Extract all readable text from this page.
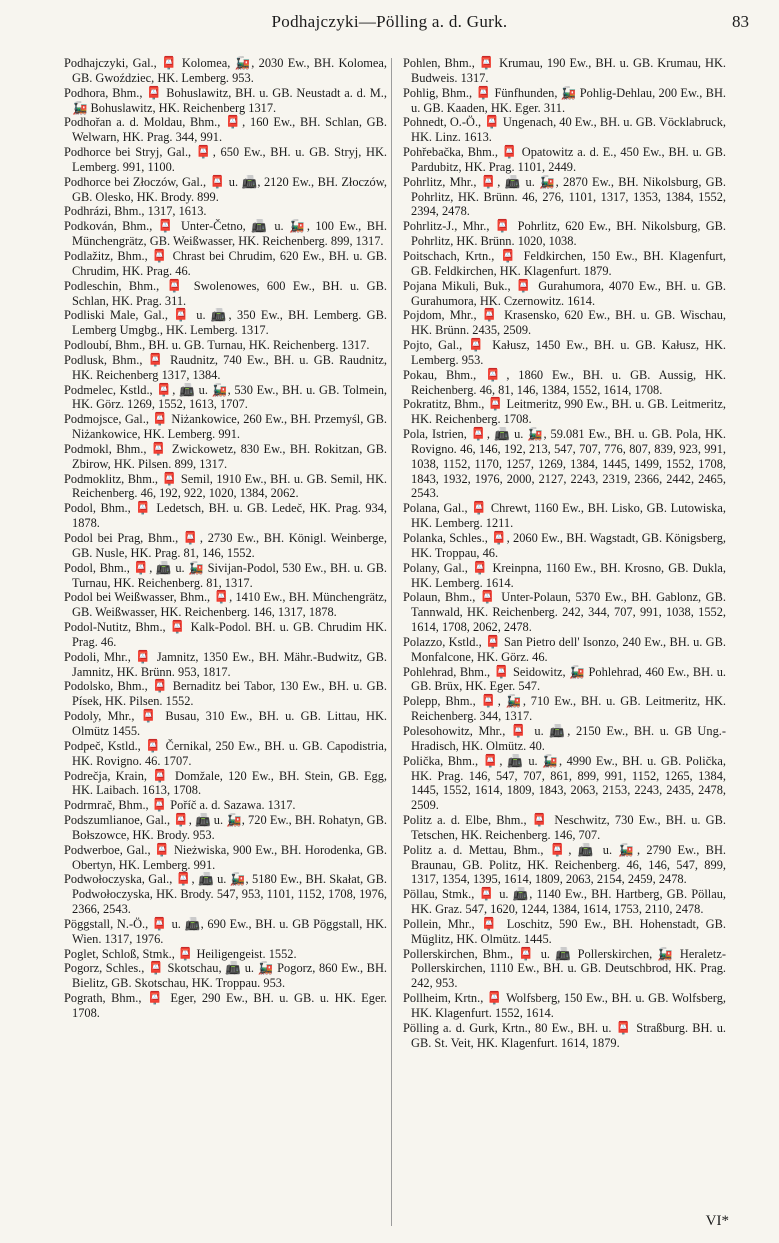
Podhajczyki—Pölling a. d. Gurk.	83

Podhajczyki, Gal., 📮 Kolomea, 🚂, 2030 Ew., BH. Kolomea, GB. Gwoździec, HK. Lemberg. 953.

Podhora, Bhm., 📮 Bohuslawitz, BH. u. GB. Neustadt a. d. M., 🚂 Bohuslawitz, HK. Reichenberg 1317.

Podhořan a. d. Moldau, Bhm., 📮, 160 Ew., BH. Schlan, GB. Welwarn, HK. Prag. 344, 991.

Podhorce bei Stryj, Gal., 📮, 650 Ew., BH. u. GB. Stryj, HK. Lemberg. 991, 1100.

Podhorce bei Złoczów, Gal., 📮 u. 📠, 2120 Ew., BH. Złoczów, GB. Olesko, HK. Brody. 899.

Podhrázi, Bhm., 1317, 1613.

Podkován, Bhm., 📮 Unter-Četno, 📠 u. 🚂, 100 Ew., BH. Münchengrätz, GB. Weißwasser, HK. Reichenberg. 899, 1317.

Podlažitz, Bhm., 📮 Chrast bei Chrudim, 620 Ew., BH. u. GB. Chrudim, HK. Prag. 46.

Podleschin, Bhm., 📮 Swolenowes, 600 Ew., BH. u. GB. Schlan, HK. Prag. 311.

Podliski Male, Gal., 📮 u. 📠, 350 Ew., BH. Lemberg. GB. Lemberg Umgbg., HK. Lemberg. 1317.

Podloubí, Bhm., BH. u. GB. Turnau, HK. Reichenberg. 1317.

Podlusk, Bhm., 📮 Raudnitz, 740 Ew., BH. u. GB. Raudnitz, HK. Reichenberg 1317, 1384.

Podmelec, Kstld., 📮, 📠 u. 🚂, 530 Ew., BH. u. GB. Tolmein, HK. Görz. 1269, 1552, 1613, 1707.

Podmojsce, Gal., 📮 Niżankowice, 260 Ew., BH. Przemyśl, GB. Niżankowice, HK. Lemberg. 991.

Podmokl, Bhm., 📮 Zwickowetz, 830 Ew., BH. Rokitzan, GB. Zbirow, HK. Pilsen. 899, 1317.

Podmoklitz, Bhm., 📮 Semil, 1910 Ew., BH. u. GB. Semil, HK. Reichenberg. 46, 192, 922, 1020, 1384, 2062.

Podol, Bhm., 📮 Ledetsch, BH. u. GB. Ledeč, HK. Prag. 934, 1878.

Podol bei Prag, Bhm., 📮, 2730 Ew., BH. Königl. Weinberge, GB. Nusle, HK. Prag. 81, 146, 1552.

Podol, Bhm., 📮, 📠 u. 🚂 Sivijan-Podol, 530 Ew., BH. u. GB. Turnau, HK. Reichenberg. 81, 1317.

Podol bei Weißwasser, Bhm., 📮, 1410 Ew., BH. Münchengrätz, GB. Weißwasser, HK. Reichenberg. 146, 1317, 1878.

Podol-Nutitz, Bhm., 📮 Kalk-Podol. BH. u. GB. Chrudim HK. Prag. 46.

Podoli, Mhr., 📮 Jamnitz, 1350 Ew., BH. Mähr.-Budwitz, GB. Jamnitz, HK. Brünn. 953, 1817.

Podolsko, Bhm., 📮 Bernaditz bei Tabor, 130 Ew., BH. u. GB. Písek, HK. Pilsen. 1552.

Podoly, Mhr., 📮 Busau, 310 Ew., BH. u. GB. Littau, HK. Olmütz 1455.

Podpeč, Kstld., 📮 Černikal, 250 Ew., BH. u. GB. Capodistria, HK. Rovigno. 46. 1707.

Podrečja, Krain, 📮 Domžale, 120 Ew., BH. Stein, GB. Egg, HK. Laibach. 1613, 1708.

Podrmrač, Bhm., 📮 Poříč a. d. Sazawa. 1317.

Podszumlianoe, Gal., 📮, 📠 u. 🚂, 720 Ew., BH. Rohatyn, GB. Bołszowce, HK. Brody. 953.

Podwerboe, Gal., 📮 Nieżwiska, 900 Ew., BH. Horodenka, GB. Obertyn, HK. Lemberg. 991.

Podwołoczyska, Gal., 📮, 📠 u. 🚂, 5180 Ew., BH. Skałat, GB. Podwołoczyska, HK. Brody. 547, 953, 1101, 1152, 1708, 1976, 2366, 2543.

Pöggstall, N.-Ö., 📮 u. 📠, 690 Ew., BH. u. GB Pöggstall, HK. Wien. 1317, 1976.

Poglet, Schloß, Stmk., 📮 Heiligengeist. 1552.

Pogorz, Schles., 📮 Skotschau, 📠 u. 🚂 Pogorz, 860 Ew., BH. Bielitz, GB. Skotschau, HK. Troppau. 953.

Pograth, Bhm., 📮 Eger, 290 Ew., BH. u. GB. u. HK. Eger. 1708.

Pohlen, Bhm., 📮 Krumau, 190 Ew., BH. u. GB. Krumau, HK. Budweis. 1317.

Pohlig, Bhm., 📮 Fünfhunden, 🚂 Pohlig-Dehlau, 200 Ew., BH. u. GB. Kaaden, HK. Eger. 311.

Pohnedt, O.-Ö., 📮 Ungenach, 40 Ew., BH. u. GB. Vöcklabruck, HK. Linz. 1613.

Pohřebačka, Bhm., 📮 Opatowitz a. d. E., 450 Ew., BH. u. GB. Pardubitz, HK. Prag. 1101, 2449.

Pohrlitz, Mhr., 📮, 📠 u. 🚂, 2870 Ew., BH. Nikolsburg, GB. Pohrlitz, HK. Brünn. 46, 276, 1101, 1317, 1353, 1384, 1552, 2394, 2478.

Pohrlitz-J., Mhr., 📮 Pohrlitz, 620 Ew., BH. Nikolsburg, GB. Pohrlitz, HK. Brünn. 1020, 1038.

Poitschach, Krtn., 📮 Feldkirchen, 150 Ew., BH. Klagenfurt, GB. Feldkirchen, HK. Klagenfurt. 1879.

Pojana Mikuli, Buk., 📮 Gurahumora, 4070 Ew., BH. u. GB. Gurahumora, HK. Czernowitz. 1614.

Pojdom, Mhr., 📮 Krasensko, 620 Ew., BH. u. GB. Wischau, HK. Brünn. 2435, 2509.

Pojto, Gal., 📮 Kałusz, 1450 Ew., BH. u. GB. Kałusz, HK. Lemberg. 953.

Pokau, Bhm., 📮, 1860 Ew., BH. u. GB. Aussig, HK. Reichenberg. 46, 81, 146, 1384, 1552, 1614, 1708.

Pokratitz, Bhm., 📮 Leitmeritz, 990 Ew., BH. u. GB. Leitmeritz, HK. Reichenberg. 1708.

Pola, Istrien, 📮, 📠 u. 🚂, 59.081 Ew., BH. u. GB. Pola, HK. Rovigno. 46, 146, 192, 213, 547, 707, 776, 807, 839, 923, 991, 1038, 1152, 1170, 1257, 1269, 1384, 1445, 1499, 1552, 1708, 1843, 1932, 1976, 2000, 2127, 2243, 2319, 2366, 2442, 2465, 2543.

Polana, Gal., 📮 Chrewt, 1160 Ew., BH. Lisko, GB. Lutowiska, HK. Lemberg. 1211.

Polanka, Schles., 📮, 2060 Ew., BH. Wagstadt, GB. Königsberg, HK. Troppau, 46.

Polany, Gal., 📮 Kreinpna, 1160 Ew., BH. Krosno, GB. Dukla, HK. Lemberg. 1614.

Polaun, Bhm., 📮 Unter-Polaun, 5370 Ew., BH. Gablonz, GB. Tannwald, HK. Reichenberg. 242, 344, 707, 991, 1038, 1552, 1614, 1708, 2062, 2478.

Polazzo, Kstld., 📮 San Pietro dell' Isonzo, 240 Ew., BH. u. GB. Monfalcone, HK. Görz. 46.

Pohlehrad, Bhm., 📮 Seidowitz, 🚂 Pohlehrad, 460 Ew., BH. u. GB. Brüx, HK. Eger. 547.

Polepp, Bhm., 📮, 🚂, 710 Ew., BH. u. GB. Leitmeritz, HK. Reichenberg. 344, 1317.

Polesohowitz, Mhr., 📮 u. 📠, 2150 Ew., BH. u. GB Ung.-Hradisch, HK. Olmütz. 40.

Polička, Bhm., 📮, 📠 u. 🚂, 4990 Ew., BH. u. GB. Polička, HK. Prag. 146, 547, 707, 861, 899, 991, 1152, 1265, 1384, 1445, 1552, 1614, 1809, 1843, 2063, 2153, 2243, 2435, 2478, 2509.

Politz a. d. Elbe, Bhm., 📮 Neschwitz, 730 Ew., BH. u. GB. Tetschen, HK. Reichenberg. 146, 707.

Politz a. d. Mettau, Bhm., 📮, 📠 u. 🚂, 2790 Ew., BH. Braunau, GB. Politz, HK. Reichenberg. 46, 146, 547, 899, 1317, 1354, 1395, 1614, 1809, 2063, 2154, 2459, 2478.

Pöllau, Stmk., 📮 u. 📠, 1140 Ew., BH. Hartberg, GB. Pöllau, HK. Graz. 547, 1620, 1244, 1384, 1614, 1753, 2110, 2478.

Pollein, Mhr., 📮 Loschitz, 590 Ew., BH. Hohenstadt, GB. Müglitz, HK. Olmütz. 1445.

Pollerskirchen, Bhm., 📮 u. 📠 Pollerskirchen, 🚂 Heraletz-Pollerskirchen, 1110 Ew., BH. u. GB. Deutschbrod, HK. Prag. 242, 953.

Pollheim, Krtn., 📮 Wolfsberg, 150 Ew., BH. u. GB. Wolfsberg, HK. Klagenfurt. 1552, 1614.

Pölling a. d. Gurk, Krtn., 80 Ew., BH. u. 📮 Straßburg. BH. u. GB. St. Veit, HK. Klagenfurt. 1614, 1879.

VI*
